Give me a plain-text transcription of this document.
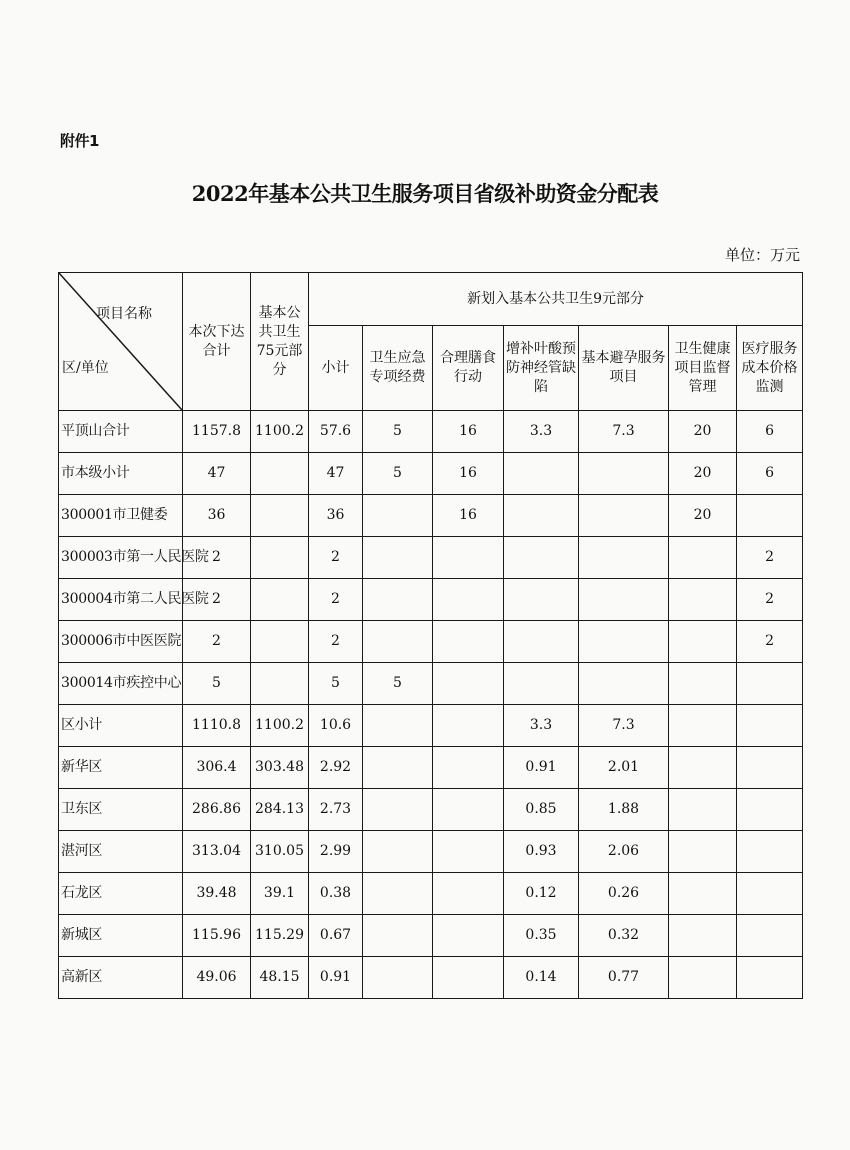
附件1
2022年基本公共卫生服务项目省级补助资金分配表
单位：万元
项目名称
区/单位	本次下达合计	基本公共卫生75元部分	新划入基本公共卫生9元部分						
			小计	卫生应急专项经费	合理膳食行动	增补叶酸预防神经管缺陷	基本避孕服务项目	卫生健康项目监督管理	医疗服务成本价格监测
平顶山合计	1157.8	1100.2	57.6	5	16	3.3	7.3	20	6
市本级小计	47		47	5	16			20	6
300001市卫健委	36		36		16			20	
300003市第一人民医院	2		2						2
300004市第二人民医院	2		2						2
300006市中医医院	2		2						2
300014市疾控中心	5		5	5					
区小计	1110.8	1100.2	10.6			3.3	7.3		
新华区	306.4	303.48	2.92			0.91	2.01		
卫东区	286.86	284.13	2.73			0.85	1.88		
湛河区	313.04	310.05	2.99			0.93	2.06		
石龙区	39.48	39.1	0.38			0.12	0.26		
新城区	115.96	115.29	0.67			0.35	0.32		
高新区	49.06	48.15	0.91			0.14	0.77		
